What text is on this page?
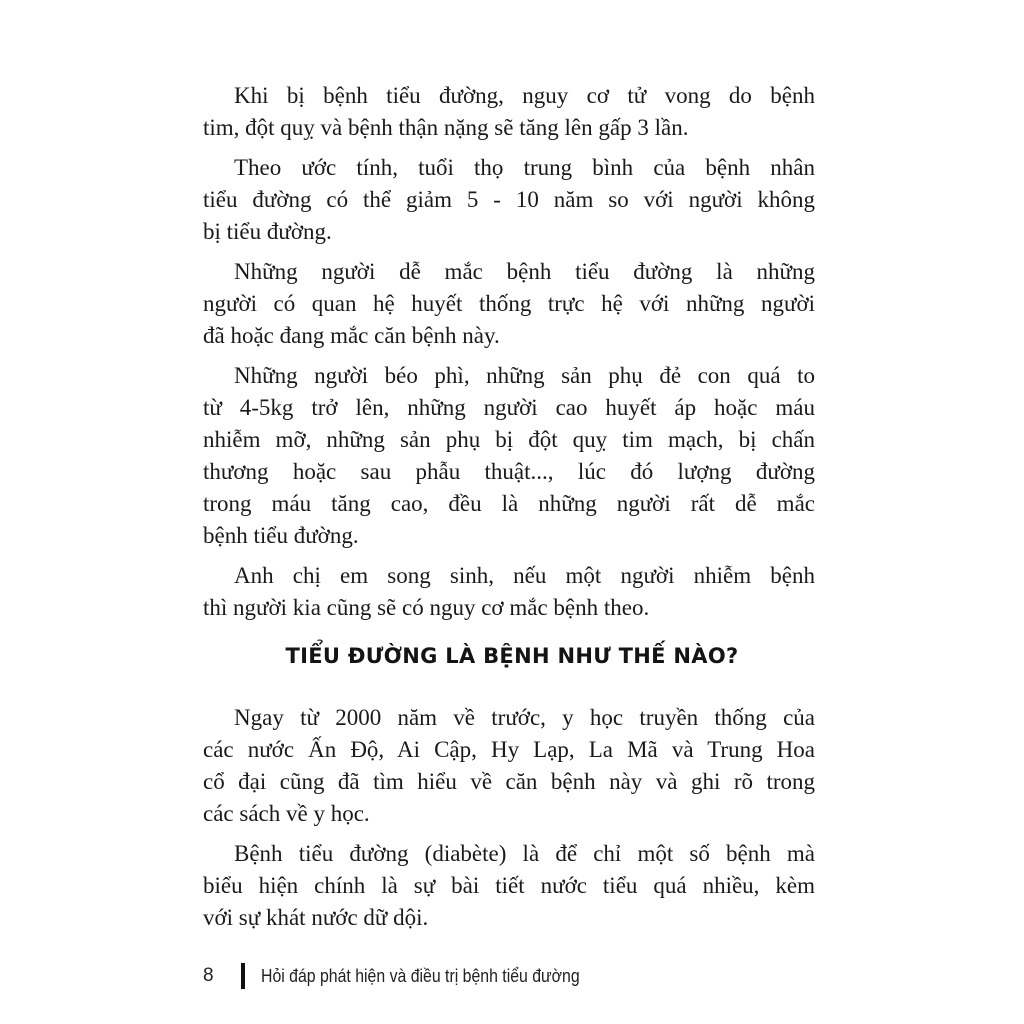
Khi bị bệnh tiểu đường, nguy cơ tử vong do bệnh
tim, đột quỵ và bệnh thận nặng sẽ tăng lên gấp 3 lần.
Theo ước tính, tuổi thọ trung bình của bệnh nhân
tiểu đường có thể giảm 5 - 10 năm so với người không
bị tiểu đường.
Những người dễ mắc bệnh tiểu đường là những
người có quan hệ huyết thống trực hệ với những người
đã hoặc đang mắc căn bệnh này.
Những người béo phì, những sản phụ đẻ con quá to
từ 4-5kg trở lên, những người cao huyết áp hoặc máu
nhiễm mỡ, những sản phụ bị đột quỵ tim mạch, bị chấn
thương hoặc sau phẫu thuật..., lúc đó lượng đường
trong máu tăng cao, đều là những người rất dễ mắc
bệnh tiểu đường.
Anh chị em song sinh, nếu một người nhiễm bệnh
thì người kia cũng sẽ có nguy cơ mắc bệnh theo.
TIỂU ĐƯỜNG LÀ BỆNH NHƯ THẾ NÀO?
Ngay từ 2000 năm về trước, y học truyền thống của
các nước Ấn Độ, Ai Cập, Hy Lạp, La Mã và Trung Hoa
cổ đại cũng đã tìm hiểu về căn bệnh này và ghi rõ trong
các sách về y học.
Bệnh tiểu đường (diabète) là để chỉ một số bệnh mà
biểu hiện chính là sự bài tiết nước tiểu quá nhiều, kèm
với sự khát nước dữ dội.
8	Hỏi đáp phát hiện và điều trị bệnh tiểu đường
